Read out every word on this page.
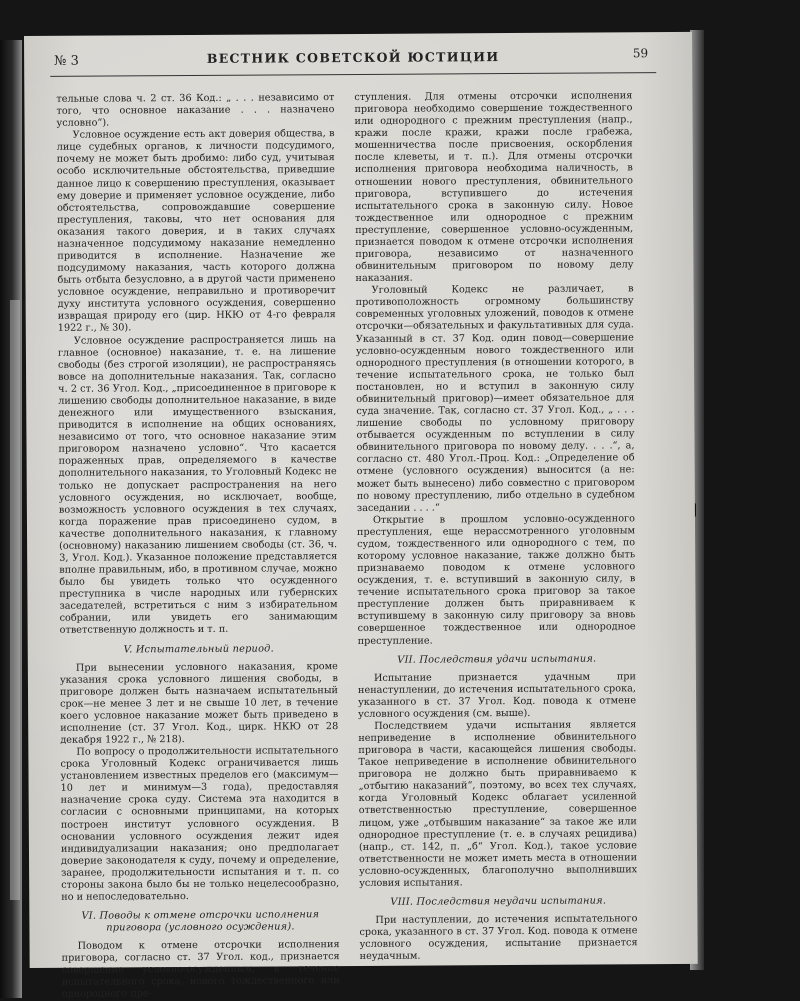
№ 3	ВЕСТНИК СОВЕТСКОЙ ЮСТИЦИИ	59

тельные слова ч. 2 ст. 36 Код.: „ . . . независимо от того, что основное наказание . . . назначено условно“).

Условное осуждение есть акт доверия общества, в лице судебных органов, к личности подсудимого, почему не может быть дробимо: либо суд, учитывая особо исключительные обстоятельства, приведшие данное лицо к совершению преступления, оказывает ему доверие и применяет условное осуждение, либо обстоятельства, сопровождавшие совершение преступления, таковы, что нет основания для оказания такого доверия, и в таких случаях назначенное подсудимому наказание немедленно приводится в исполнение. Назначение же подсудимому наказания, часть которого должна быть отбыта безусловно, а в другой части применено условное осуждение, неправильно и противоречит духу института условного осуждения, совершенно извращая природу его (цир. НКЮ от 4-го февраля 1922 г., № 30).

Условное осуждение распространяется лишь на главное (основное) наказание, т. е. на лишение свободы (без строгой изоляции), не распространяясь вовсе на дополнительные наказания. Так, согласно ч. 2 ст. 36 Угол. Код., „присоединенное в приговоре к лишению свободы дополнительное наказание, в виде денежного или имущественного взыскания, приводится в исполнение на общих основаниях, независимо от того, что основное наказание этим приговором назначено условно“. Что касается пораженных прав, определяемого в качестве дополнительного наказания, то Уголовный Кодекс не только не допускает распространения на него условного осуждения, но исключает, вообще, возможность условного осуждения в тех случаях, когда поражение прав присоединено судом, в качестве дополнительного наказания, к главному (основному) наказанию лишением свободы (ст. 36, ч. 3, Угол. Код.). Указанное положение представляется вполне правильным, ибо, в противном случае, можно было бы увидеть только что осужденного преступника в числе народных или губернских заседателей, встретиться с ним з избирательном собрании, или увидеть его занимающим ответственную должность и т. п.

V. Испытательный период.

При вынесении условного наказания, кроме указания срока условного лишения свободы, в приговоре должен быть назначаем испытательный срок—не менее 3 лет и не свыше 10 лет, в течение коего условное наказание может быть приведено в исполнение (ст. 37 Угол. Код., цирк. НКЮ от 28 декабря 1922 г., № 218).

По вопросу о продолжительности испытательного срока Уголовный Кодекс ограничивается лишь установлением известных пределов его (максимум—10 лет и минимум—3 года), предоставляя назначение срока суду. Система эта находится в согласии с основными принципами, на которых построен институт условного осуждения. В основании условного осуждения лежит идея индивидуализации наказания; оно предполагает доверие законодателя к суду, почему и определение, заранее, продолжительности испытания и т. п. со стороны закона было бы не только нецелесообразно, но и непоследовательно.

VI. Поводы к отмене отсрочки исполнения приговора (условного осуждения).

Поводом к отмене отсрочки исполнения приговора, согласно ст. 37 Угол. код., признается совершение условно-осужденным, в течение испытательного срока, нового тождественного или однородного пре-

ступления. Для отмены отсрочки исполнения приговора необходимо совершение тождественного или однородного с прежним преступления (напр., кражи после кражи, кражи после грабежа, мошенничества после присвоения, оскорбления после клеветы, и т. п.). Для отмены отсрочки исполнения приговора необходима наличность, в отношении нового преступления, обвинительного приговора, вступившего до истечения испытательного срока в законную силу. Новое тождественное или однородное с прежним преступление, совершенное условно-осужденным, признается поводом к отмене отсрочки исполнения приговора, независимо от назначенного обвинительным приговором по новому делу наказания.

Уголовный Кодекс не различает, в противоположность огромному большинству современных уголовных уложений, поводов к отмене отсрочки—обязательных и факультативных для суда. Указанный в ст. 37 Код. один повод—совершение условно-осужденным нового тождественного или однородного преступления (в отношении которого, в течение испытательного срока, не только был постановлен, но и вступил в законную силу обвинительный приговор)—имеет обязательное для суда значение. Так, согласно ст. 37 Угол. Код., „ . . . лишение свободы по условному приговору отбывается осужденным по вступлении в силу обвинительного приговора по новому делу. . . .“, а, согласно ст. 480 Угол.-Проц. Код.: „Определение об отмене (условного осуждения) выносится (а не: может быть вынесено) либо совместно с приговором по новому преступлению, либо отдельно в судебном заседании . . . .“

Открытие в прошлом условно-осужденного преступления, еще нерассмотренного уголовным судом, тождественного или однородного с тем, по которому условное наказание, также должно быть признаваемо поводом к отмене условного осуждения, т. е. вступивший в законную силу, в течение испытательного срока приговор за такое преступление должен быть приравниваем к вступившему в законную силу приговору за вновь совершенное тождественное или однородное преступление.

VII. Последствия удачи испытания.

Испытание признается удачным при ненаступлении, до истечения испытательного срока, указанного в ст. 37 Угол. Код. повода к отмене условного осуждения (см. выше).

Последствием удачи испытания является неприведение в исполнение обвинительного приговора в части, касающейся лишения свободы. Такое неприведение в исполнение обвинительного приговора не должно быть приравниваемо к „отбытию наказаний“, поэтому, во всех тех случаях, когда Уголовный Кодекс облагает усиленной ответственностью преступление, совершенное лицом, уже „отбывшим наказание“ за такое же или однородное преступление (т. е. в случаях рецидива) (напр., ст. 142, п. „б“ Угол. Код.), такое условие ответственности не может иметь места в отношении условно-осужденных, благополучно выполнивших условия испытания.

VIII. Последствия неудачи испытания.

При наступлении, до истечения испытательного срока, указанного в ст. 37 Угол. Код. повода к отмене условного осуждения, испытание признается неудачным.
